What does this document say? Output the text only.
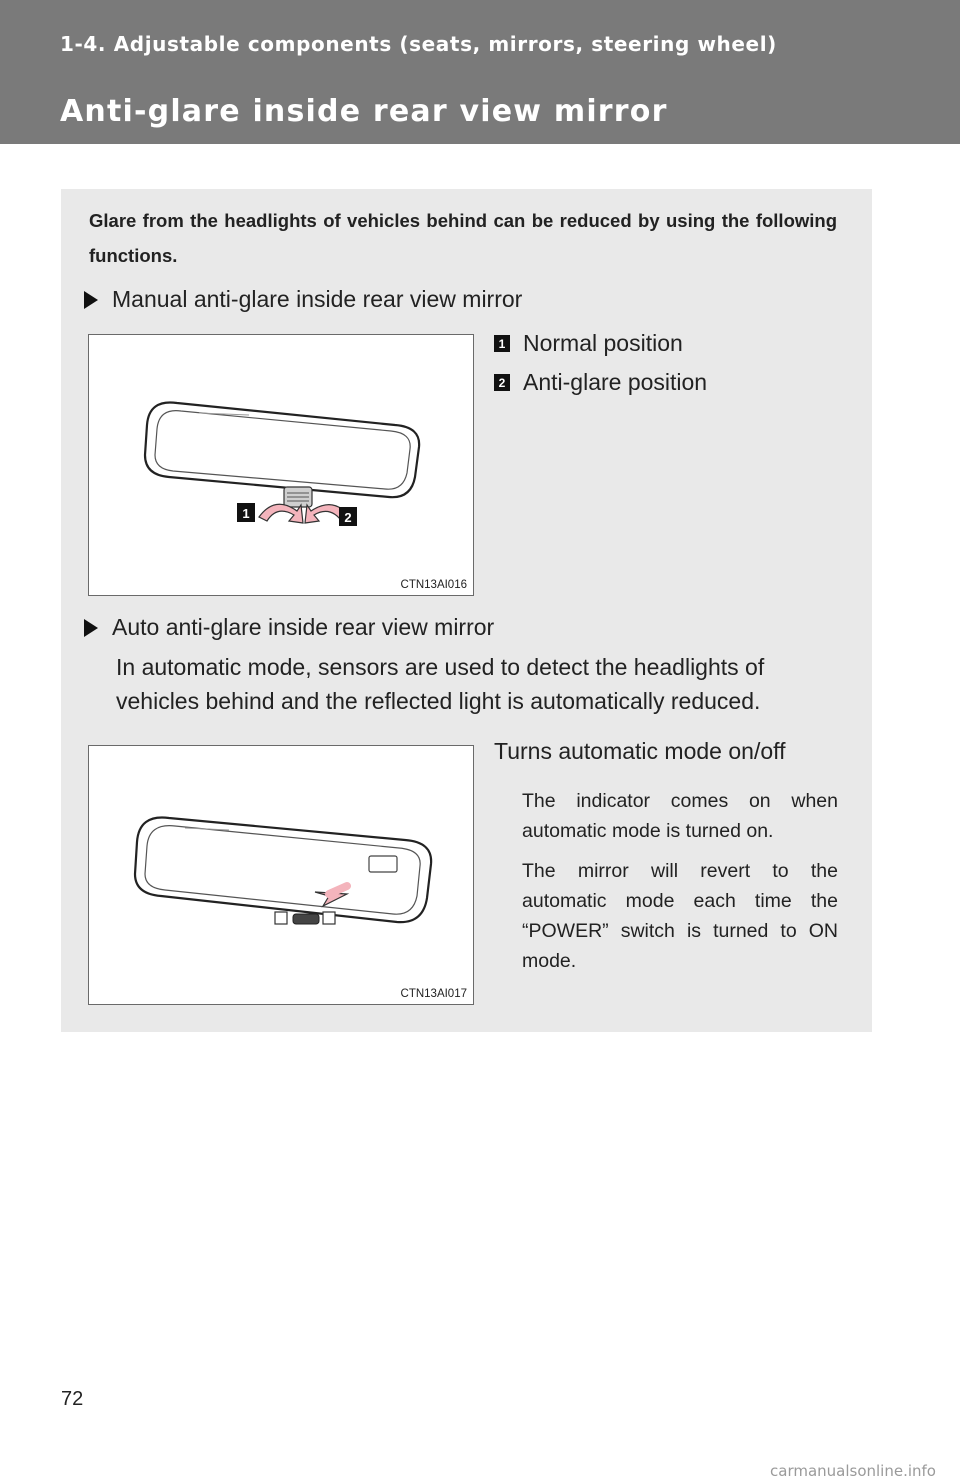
1-4. Adjustable components (seats, mirrors, steering wheel)
Anti-glare inside rear view mirror
Glare from the headlights of vehicles behind can be reduced by using the following functions.
Manual anti-glare inside rear view mirror
1	2
CTN13AI016
1 Normal position
2 Anti-glare position
Auto anti-glare inside rear view mirror
In automatic mode, sensors are used to detect the headlights of vehicles behind and the reflected light is automatically reduced.
CTN13AI017
Turns automatic mode on/off
The indicator comes on when automatic mode is turned on.
The mirror will revert to the automatic mode each time the “POWER” switch is turned to ON mode.
72
carmanualsonline.info
